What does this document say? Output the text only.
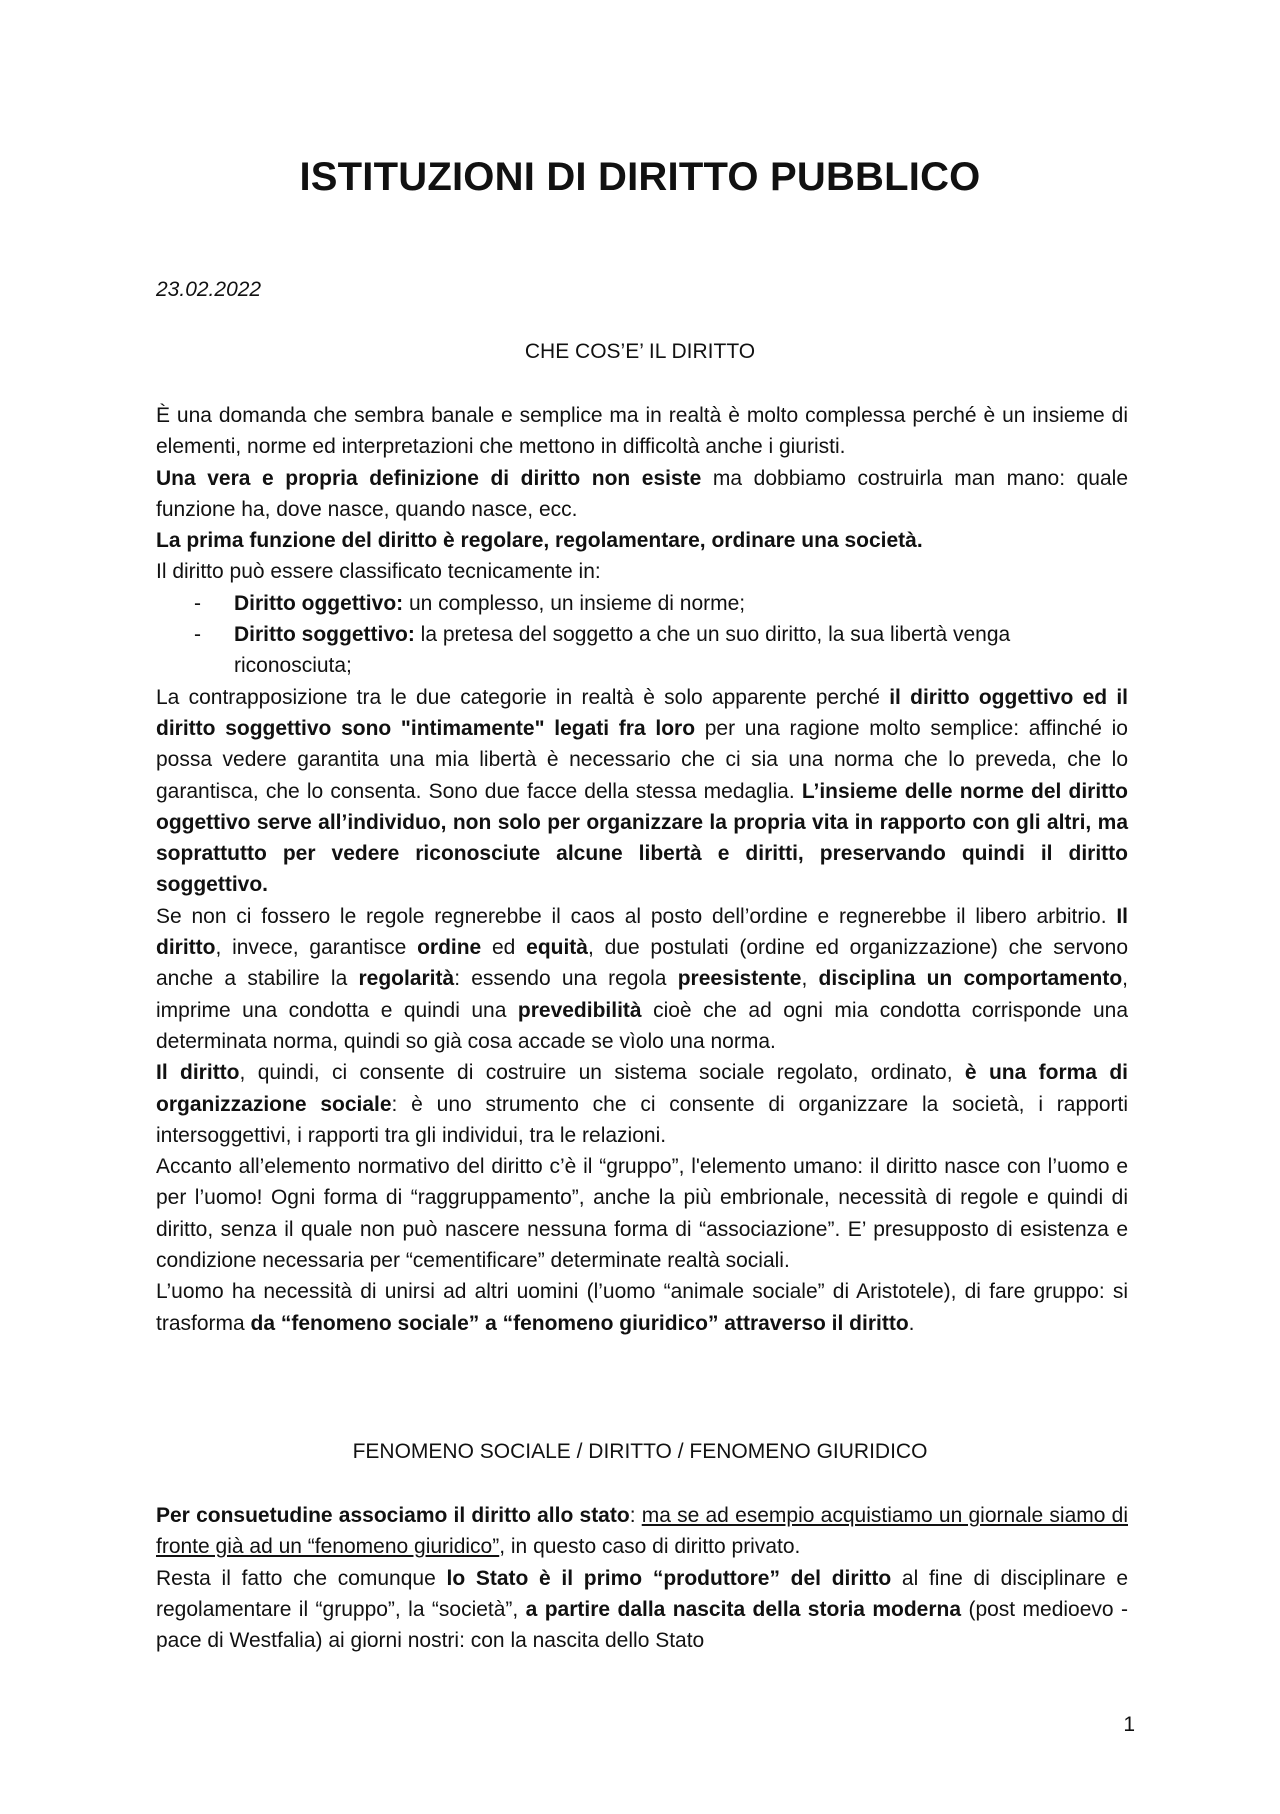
ISTITUZIONI DI DIRITTO PUBBLICO
23.02.2022

CHE COS’E’ IL DIRITTO

È una domanda che sembra banale e semplice ma in realtà è molto complessa perché è un insieme di elementi, norme ed interpretazioni che mettono in difficoltà anche i giuristi.

Una vera e propria definizione di diritto non esiste ma dobbiamo costruirla man mano: quale funzione ha, dove nasce, quando nasce, ecc.

La prima funzione del diritto è regolare, regolamentare, ordinare una società.

Il diritto può essere classificato tecnicamente in:

- Diritto oggettivo: un complesso, un insieme di norme;
- Diritto soggettivo: la pretesa del soggetto a che un suo diritto, la sua libertà venga riconosciuta;

La contrapposizione tra le due categorie in realtà è solo apparente perché il diritto oggettivo ed il diritto soggettivo sono "intimamente" legati fra loro per una ragione molto semplice: affinché io possa vedere garantita una mia libertà è necessario che ci sia una norma che lo preveda, che lo garantisca, che lo consenta. Sono due facce della stessa medaglia. L’insieme delle norme del diritto oggettivo serve all’individuo, non solo per organizzare la propria vita in rapporto con gli altri, ma soprattutto per vedere riconosciute alcune libertà e diritti, preservando quindi il diritto soggettivo.

Se non ci fossero le regole regnerebbe il caos al posto dell’ordine e regnerebbe il libero arbitrio. Il diritto, invece, garantisce ordine ed equità, due postulati (ordine ed organizzazione) che servono anche a stabilire la regolarità: essendo una regola preesistente, disciplina un comportamento, imprime una condotta e quindi una prevedibilità cioè che ad ogni mia condotta corrisponde una determinata norma, quindi so già cosa accade se vìolo una norma.

Il diritto, quindi, ci consente di costruire un sistema sociale regolato, ordinato, è una forma di organizzazione sociale: è uno strumento che ci consente di organizzare la società, i rapporti intersoggettivi, i rapporti tra gli individui, tra le relazioni.

Accanto all’elemento normativo del diritto c’è il “gruppo”, l'elemento umano: il diritto nasce con l’uomo e per l’uomo! Ogni forma di “raggruppamento”, anche la più embrionale, necessità di regole e quindi di diritto, senza il quale non può nascere nessuna forma di “associazione”. E’ presupposto di esistenza e condizione necessaria per “cementificare” determinate realtà sociali.

L’uomo ha necessità di unirsi ad altri uomini (l’uomo “animale sociale” di Aristotele), di fare gruppo: si trasforma da “fenomeno sociale” a “fenomeno giuridico” attraverso il diritto.

FENOMENO SOCIALE / DIRITTO / FENOMENO GIURIDICO

Per consuetudine associamo il diritto allo stato: ma se ad esempio acquistiamo un giornale siamo di fronte già ad un “fenomeno giuridico”, in questo caso di diritto privato.

Resta il fatto che comunque lo Stato è il primo “produttore” del diritto al fine di disciplinare e regolamentare il “gruppo”, la “società”, a partire dalla nascita della storia moderna (post medioevo - pace di Westfalia) ai giorni nostri: con la nascita dello Stato

1
